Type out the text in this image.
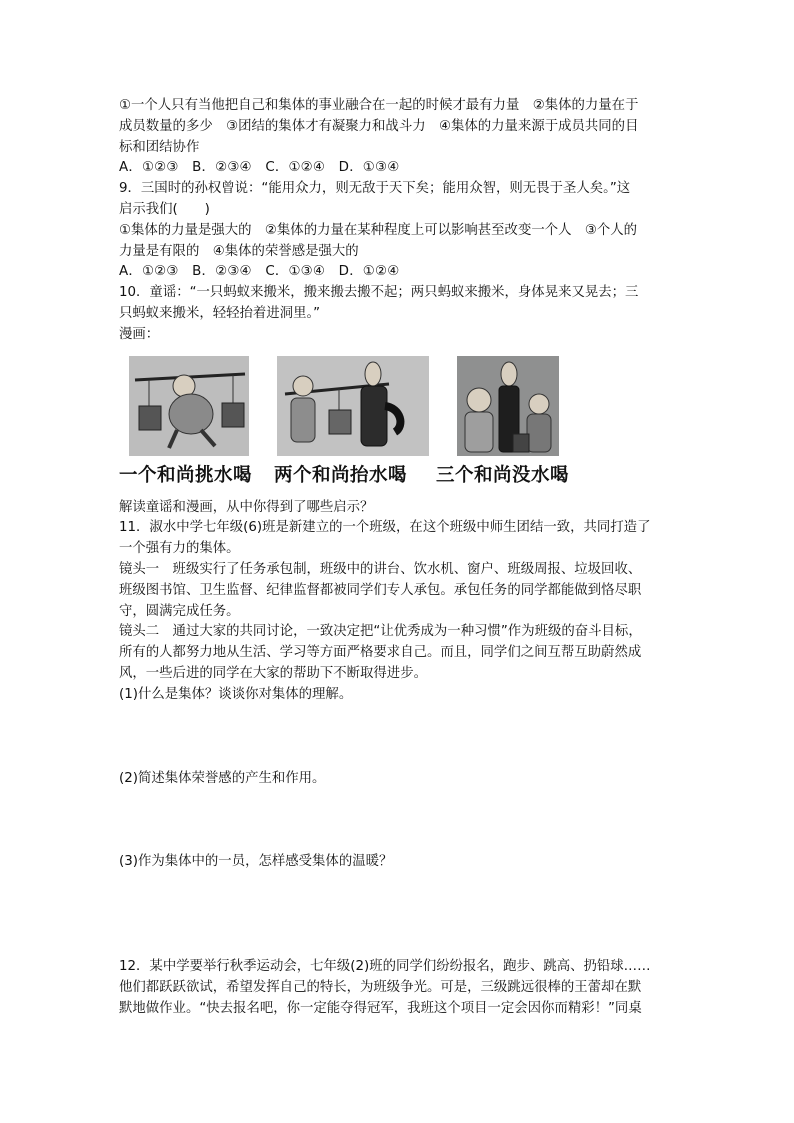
①一个人只有当他把自己和集体的事业融合在一起的时候才最有力量　②集体的力量在于
成员数量的多少　③团结的集体才有凝聚力和战斗力　④集体的力量来源于成员共同的目
标和团结协作
A．①②③　B．②③④　C．①②④　D．①③④
9．三国时的孙权曾说：“能用众力，则无敌于天下矣；能用众智，则无畏于圣人矣。”这
启示我们(　　)
①集体的力量是强大的　②集体的力量在某种程度上可以影响甚至改变一个人　③个人的
力量是有限的　④集体的荣誉感是强大的
A．①②③　B．②③④　C．①③④　D．①②④
10．童谣：“一只蚂蚁来搬米，搬来搬去搬不起；两只蚂蚁来搬米，身体晃来又晃去；三
只蚂蚁来搬米，轻轻抬着进洞里。”
漫画：
一个和尚挑水喝 两个和尚抬水喝 三个和尚没水喝
解读童谣和漫画，从中你得到了哪些启示？
11．淑水中学七年级(6)班是新建立的一个班级，在这个班级中师生团结一致，共同打造了
一个强有力的集体。
镜头一　班级实行了任务承包制，班级中的讲台、饮水机、窗户、班级周报、垃圾回收、
班级图书馆、卫生监督、纪律监督都被同学们专人承包。承包任务的同学都能做到恪尽职
守，圆满完成任务。
镜头二　通过大家的共同讨论，一致决定把“让优秀成为一种习惯”作为班级的奋斗目标，
所有的人都努力地从生活、学习等方面严格要求自己。而且，同学们之间互帮互助蔚然成
风，一些后进的同学在大家的帮助下不断取得进步。
(1)什么是集体？谈谈你对集体的理解。
(2)简述集体荣誉感的产生和作用。
(3)作为集体中的一员，怎样感受集体的温暖？
12．某中学要举行秋季运动会，七年级(2)班的同学们纷纷报名，跑步、跳高、扔铅球……
他们都跃跃欲试，希望发挥自己的特长，为班级争光。可是，三级跳远很棒的王蕾却在默
默地做作业。“快去报名吧，你一定能夺得冠军，我班这个项目一定会因你而精彩！”同桌
